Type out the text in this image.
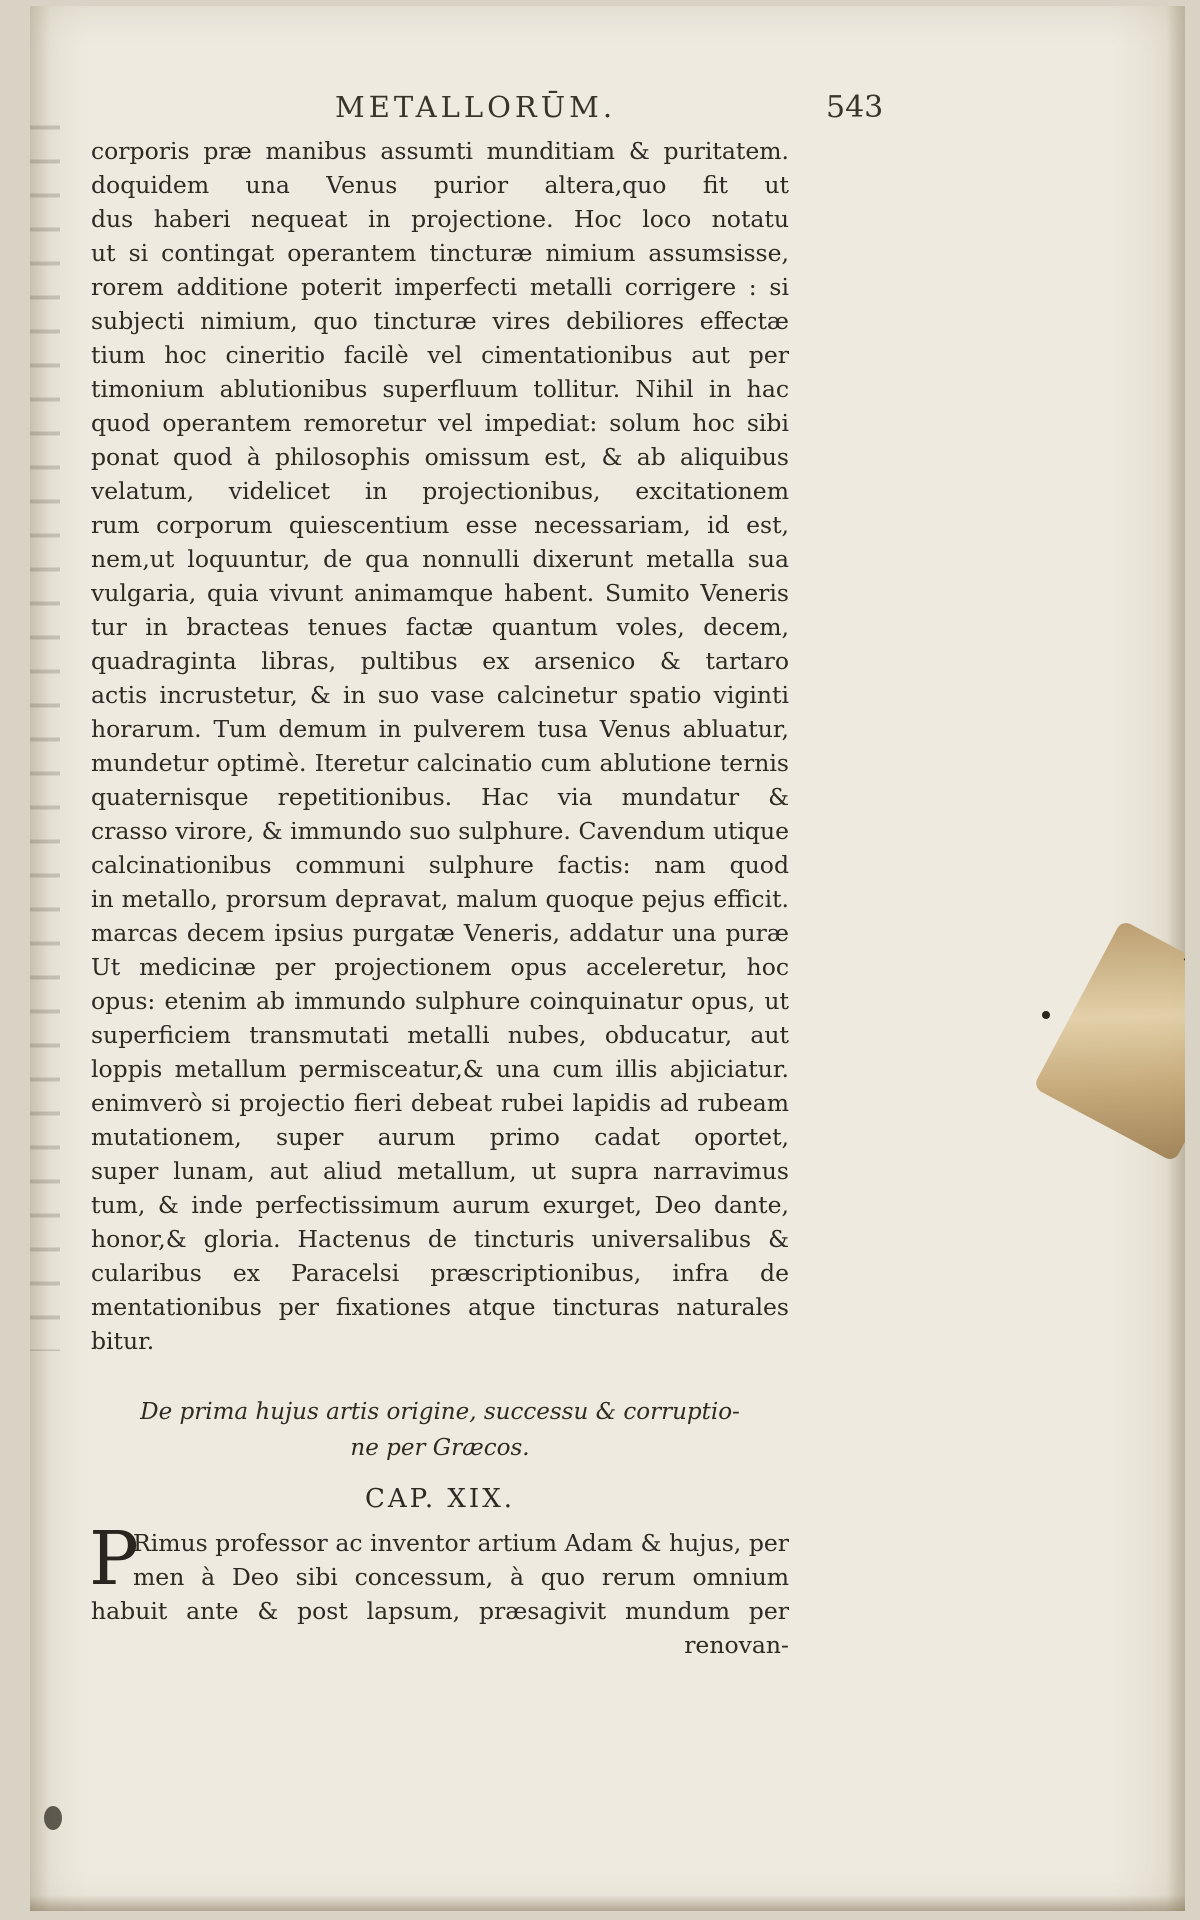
METALLORŪM.	543
corporis præ manibus assumti munditiam & puritatem.
doquidem una Venus purior altera,quo fit ut
dus haberi nequeat in projectione. Hoc loco notatu
ut si contingat operantem tincturæ nimium assumsisse,
rorem additione poterit imperfecti metalli corrigere : si
subjecti nimium, quo tincturæ vires debiliores effectæ
tium hoc cineritio facilè vel cimentationibus aut per
timonium ablutionibus superfluum tollitur. Nihil in hac
quod operantem remoretur vel impediat: solum hoc sibi
ponat quod à philosophis omissum est, & ab aliquibus
velatum, videlicet in projectionibus, excitationem
rum corporum quiescentium esse necessariam, id est,
nem,ut loquuntur, de qua nonnulli dixerunt metalla sua
vulgaria, quia vivunt animamque habent. Sumito Veneris
tur in bracteas tenues factæ quantum voles, decem,
quadraginta libras, pultibus ex arsenico & tartaro
actis incrustetur, & in suo vase calcinetur spatio viginti
horarum. Tum demum in pulverem tusa Venus abluatur,
mundetur optimè. Iteretur calcinatio cum ablutione ternis
quaternisque repetitionibus. Hac via mundatur &
crasso virore, & immundo suo sulphure. Cavendum utique
calcinationibus communi sulphure factis: nam quod
in metallo, prorsum depravat, malum quoque pejus efficit.
marcas decem ipsius purgatæ Veneris, addatur una puræ
Ut medicinæ per projectionem opus acceleretur, hoc
opus: etenim ab immundo sulphure coinquinatur opus, ut
superficiem transmutati metalli nubes, obducatur, aut
loppis metallum permisceatur,& una cum illis abjiciatur.
enimverò si projectio fieri debeat rubei lapidis ad rubeam
mutationem, super aurum primo cadat oportet,
super lunam, aut aliud metallum, ut supra narravimus
tum, & inde perfectissimum aurum exurget, Deo dante,
honor,& gloria. Hactenus de tincturis universalibus &
cularibus ex Paracelsi præscriptionibus, infra de
mentationibus per fixationes atque tincturas naturales
bitur.
De prima hujus artis origine, successu & corruptio-
ne per Græcos.
CAP. XIX.
P
Rimus professor ac inventor artium Adam & hujus, per
men à Deo sibi concessum, à quo rerum omnium
habuit ante & post lapsum, præsagivit mundum per
renovan-
